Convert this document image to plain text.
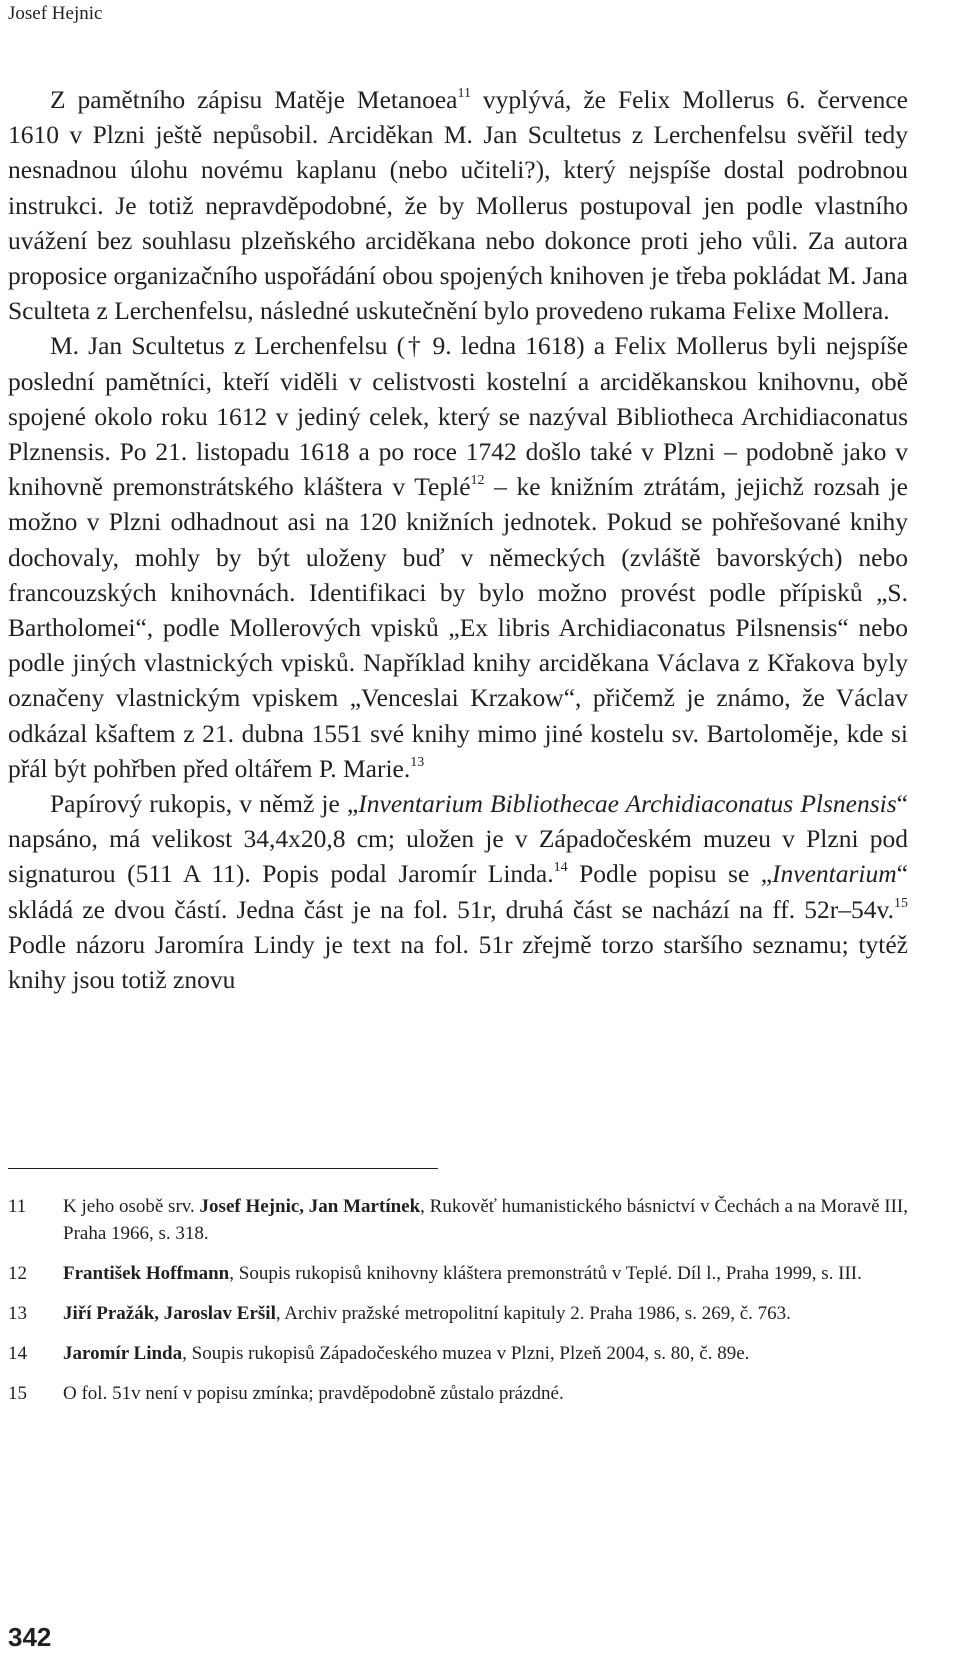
Josef Hejnic

Z pamětního zápisu Matěje Metanoea$^{11}$ vyplývá, že Felix Mollerus 6. července 1610 v Plzni ještě nepůsobil. Arciděkan M. Jan Scultetus z Lerchenfelsu svěřil tedy nesnadnou úlohu novému kaplanu (nebo učiteli?), který nejspíše dostal podrobnou instrukci. Je totiž nepravděpodobné, že by Mollerus postupoval jen podle vlastního uvážení bez souhlasu plzeňského arciděkana nebo dokonce proti jeho vůli. Za autora proposice organizačního uspořádání obou spojených knihoven je třeba pokládat M. Jana Sculteta z Lerchenfelsu, následné uskutečnění bylo provedeno rukama Felixe Mollera.

M. Jan Scultetus z Lerchenfelsu († 9. ledna 1618) a Felix Mollerus byli nejspíše poslední pamětníci, kteří viděli v celistvosti kostelní a arciděkanskou knihovnu, obě spojené okolo roku 1612 v jediný celek, který se nazýval Bibliotheca Archidiaconatus Plznensis. Po 21. listopadu 1618 a po roce 1742 došlo také v Plzni – podobně jako v knihovně premonstrátského kláštera v Teplé$^{12}$ – ke knižním ztrátám, jejichž rozsah je možno v Plzni odhadnout asi na 120 knižních jednotek. Pokud se pohřešované knihy dochovaly, mohly by být uloženy buď v německých (zvláště bavorských) nebo francouzských knihovnách. Identifikaci by bylo možno provést podle přípisků „S. Bartholomei“, podle Mollerových vpisků „Ex libris Archidiaconatus Pilsnensis“ nebo podle jiných vlastnických vpisků. Například knihy arciděkana Václava z Křakova byly označeny vlastnickým vpiskem „Venceslai Krzakow“, přičemž je známo, že Václav odkázal kšaftem z 21. dubna 1551 své knihy mimo jiné kostelu sv. Bartoloměje, kde si přál být pohřben před oltářem P. Marie.$^{13}$

Papírový rukopis, v němž je „Inventarium Bibliothecae Archidiaconatus Plsnensis“ napsáno, má velikost 34,4x20,8 cm; uložen je v Západočeském muzeu v Plzni pod signaturou (511 A 11). Popis podal Jaromír Linda.$^{14}$ Podle popisu se „Inventarium“ skládá ze dvou částí. Jedna část je na fol. 51r, druhá část se nachází na ff. 52r–54v.$^{15}$ Podle názoru Jaromíra Lindy je text na fol. 51r zřejmě torzo staršího seznamu; tytéž knihy jsou totiž znovu

11	K jeho osobě srv. Josef Hejnic, Jan Martínek, Rukověť humanistického básnictví v Čechách a na Moravě III, Praha 1966, s. 318.
12	František Hoffmann, Soupis rukopisů knihovny kláštera premonstrátů v Teplé. Díl l., Praha 1999, s. III.
13	Jiří Pražák, Jaroslav Eršil, Archiv pražské metropolitní kapituly 2. Praha 1986, s. 269, č. 763.
14	Jaromír Linda, Soupis rukopisů Západočeského muzea v Plzni, Plzeň 2004, s. 80, č. 89e.
15	O fol. 51v není v popisu zmínka; pravděpodobně zůstalo prázdné.
342
